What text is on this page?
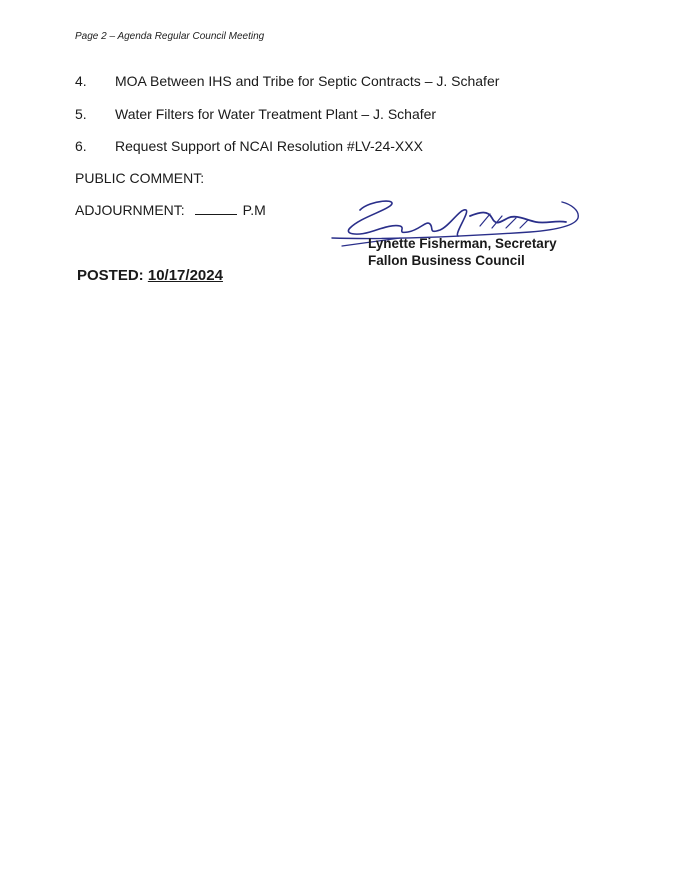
Page 2 – Agenda Regular Council Meeting
4. MOA Between IHS and Tribe for Septic Contracts – J. Schafer
5. Water Filters for Water Treatment Plant – J. Schafer
6. Request Support of NCAI Resolution #LV-24-XXX
PUBLIC COMMENT:
ADJOURNMENT:	P.M
Lynette Fisherman, Secretary
Fallon Business Council
POSTED: 10/17/2024
